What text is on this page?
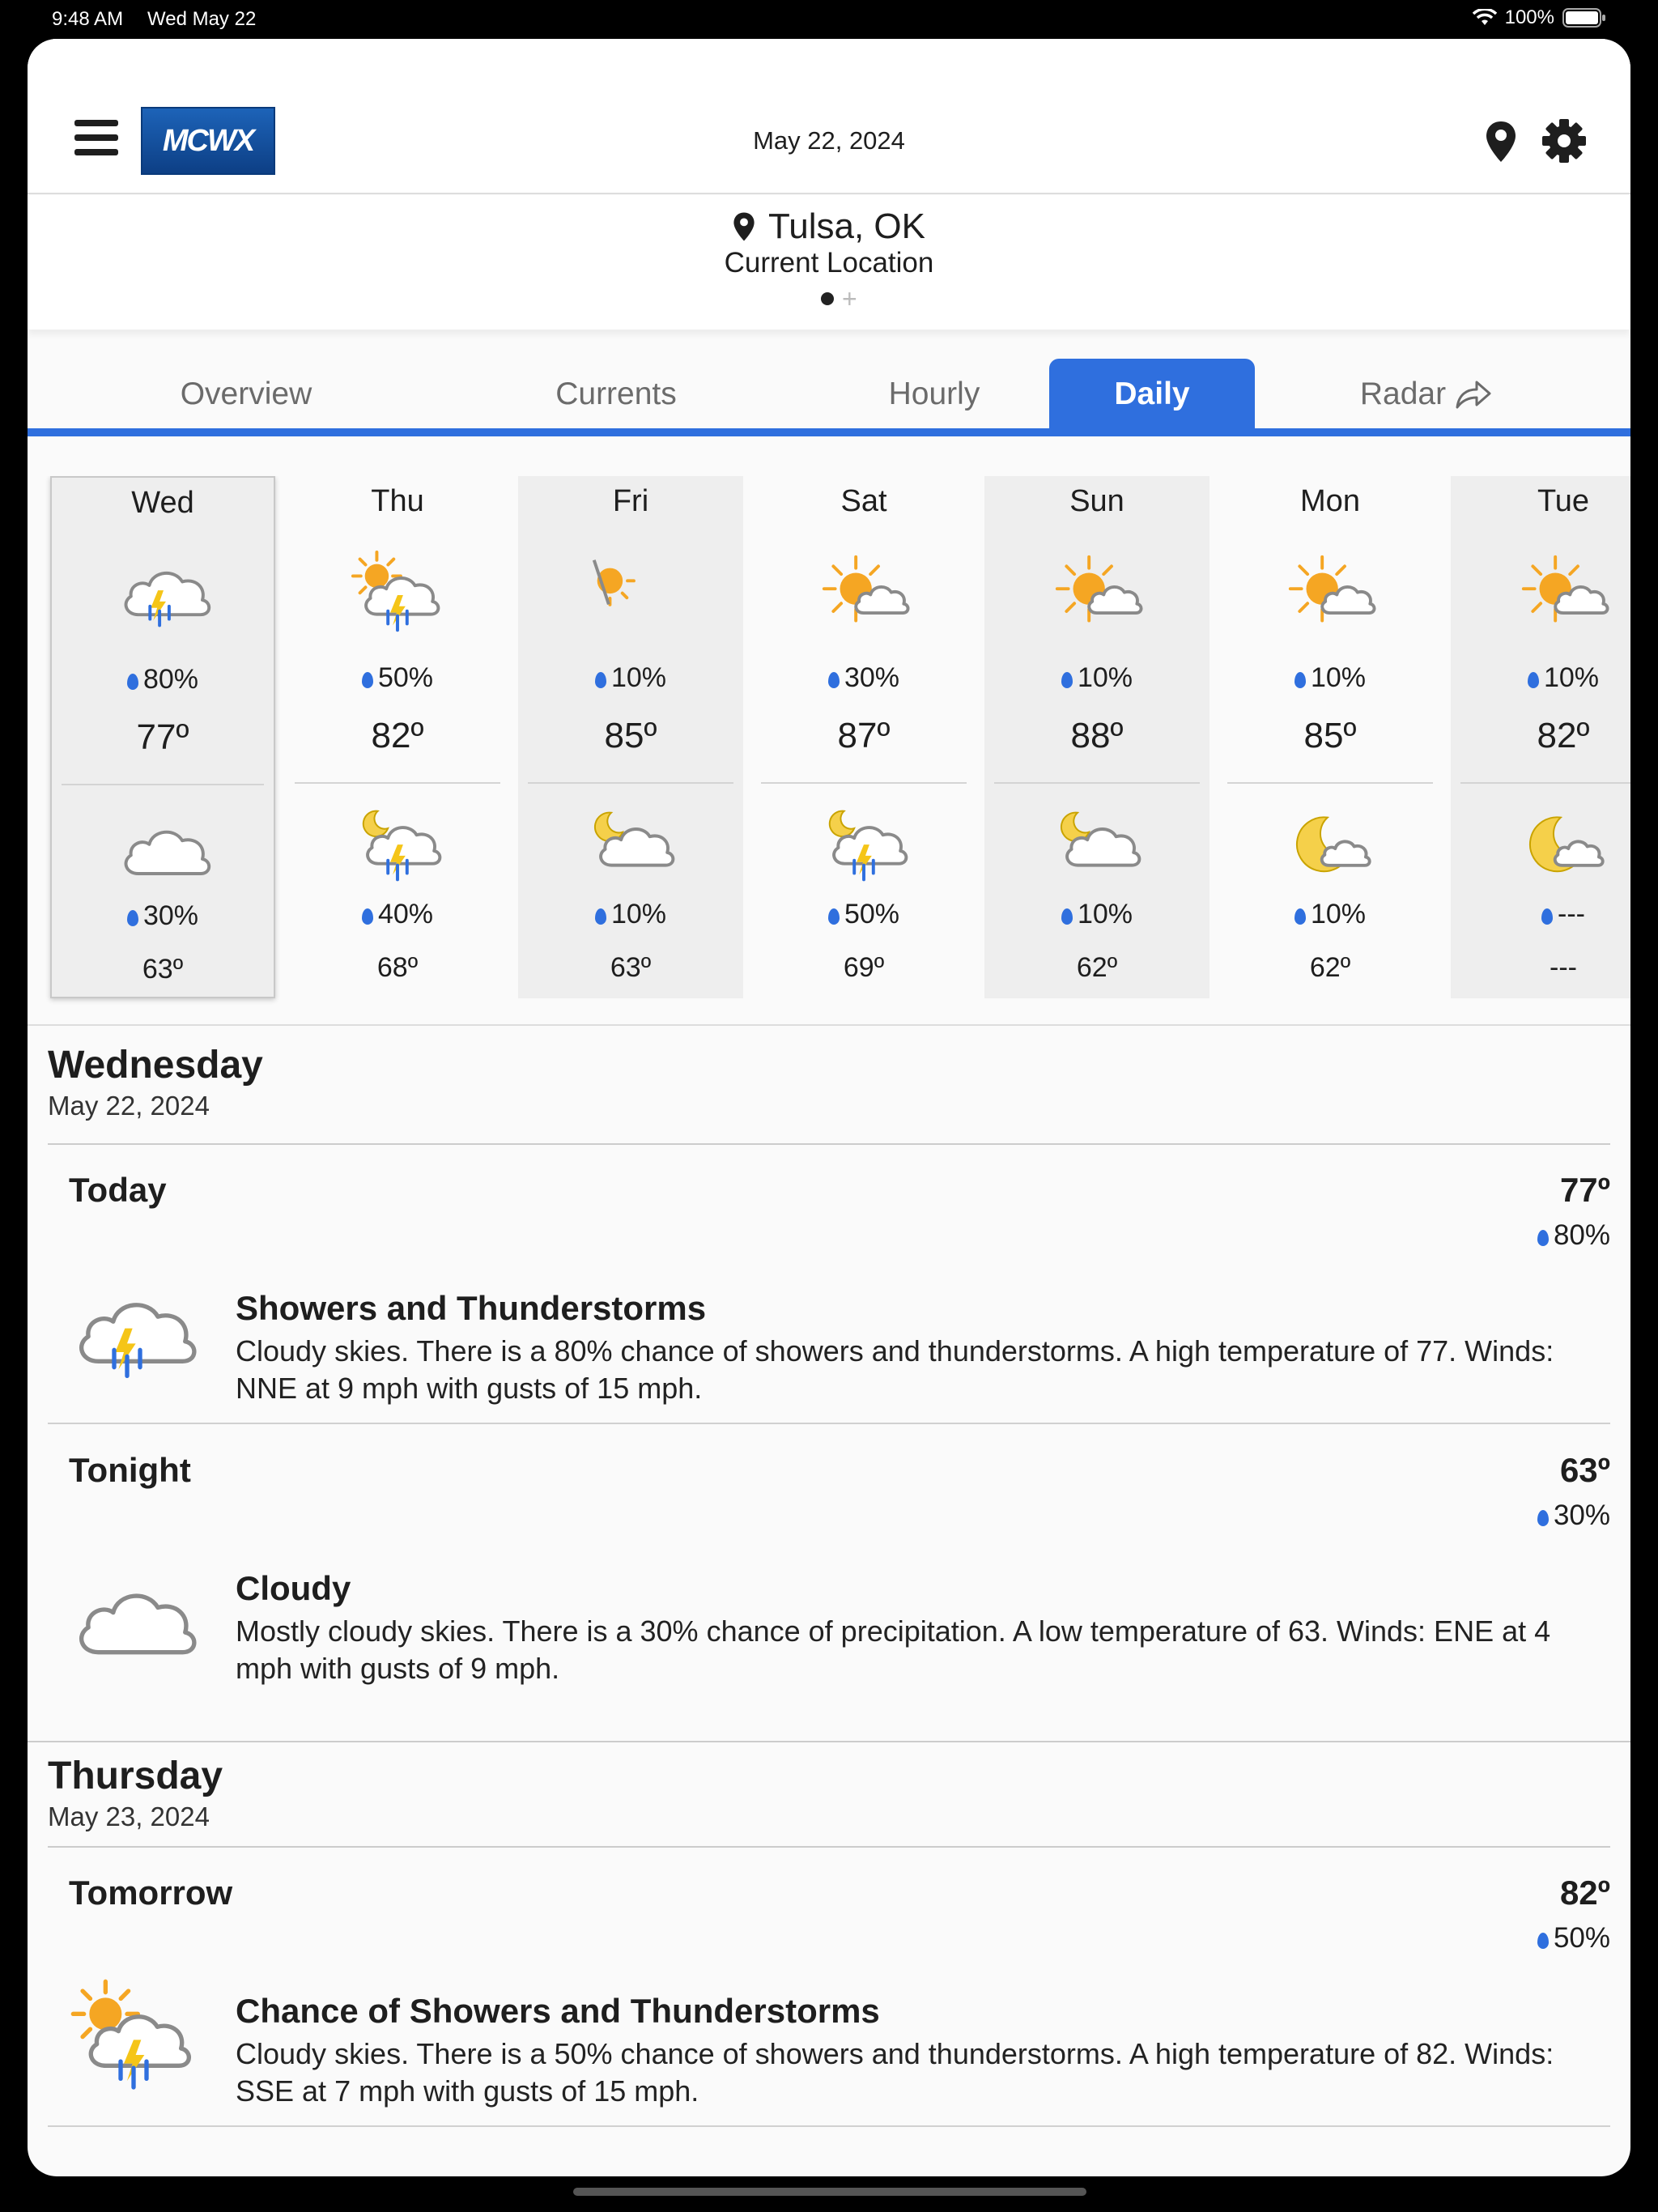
9:48 AM Wed May 22	100%
MCWX	May 22, 2024
Tulsa, OK
Current Location
+
Overview	Currents	Hourly	Daily	Radar
Wed
80%
77º
30%
63º
Thu
50%
82º
40%
68º
Fri
10%
85º
10%
63º
Sat
30%
87º
50%
69º
Sun
10%
88º
10%
62º
Mon
10%
85º
10%
62º
Tue
10%
82º
---
---
Wednesday
May 22, 2024
Today	77º
80%
Showers and Thunderstorms
Cloudy skies. There is a 80% chance of showers and thunderstorms. A high temperature of 77. Winds: NNE at 9 mph with gusts of 15 mph.
Tonight	63º
30%
Cloudy
Mostly cloudy skies. There is a 30% chance of precipitation. A low temperature of 63. Winds: ENE at 4 mph with gusts of 9 mph.
Thursday
May 23, 2024
Tomorrow	82º
50%
Chance of Showers and Thunderstorms
Cloudy skies. There is a 50% chance of showers and thunderstorms. A high temperature of 82. Winds: SSE at 7 mph with gusts of 15 mph.
